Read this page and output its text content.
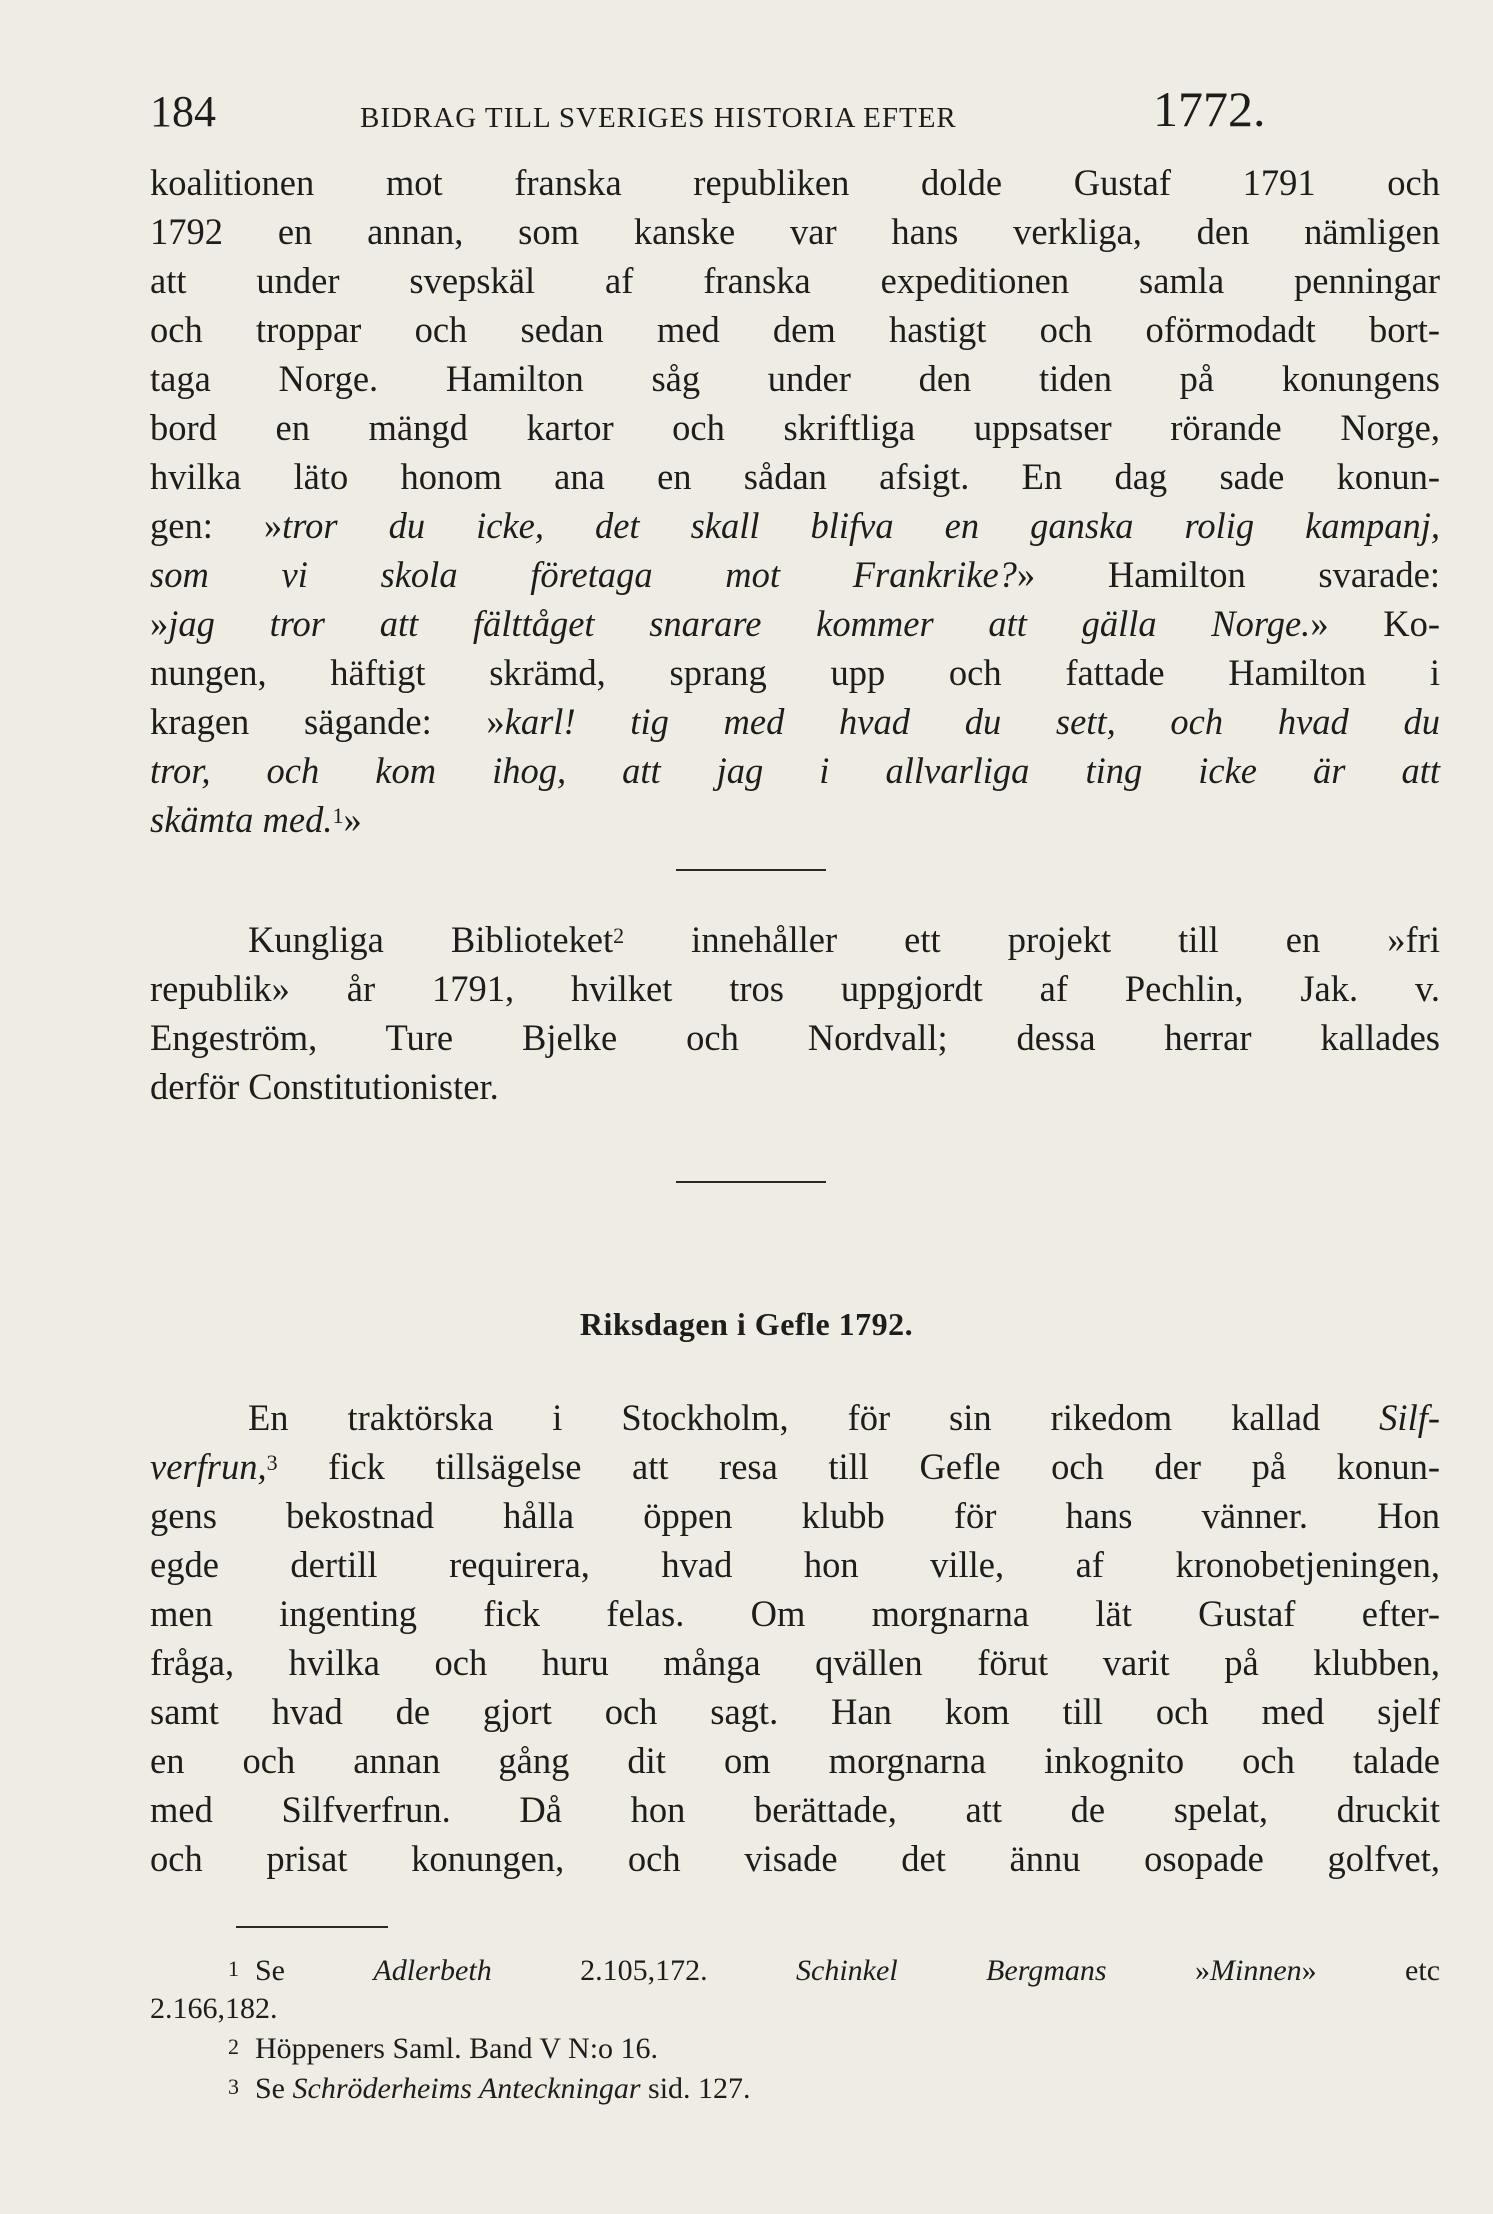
184	BIDRAG TILL SVERIGES HISTORIA EFTER	1772.
koalitionen mot franska republiken dolde Gustaf 1791 och
1792 en annan, som kanske var hans verkliga, den nämligen
att under svepskäl af franska expeditionen samla penningar
och troppar och sedan med dem hastigt och oförmodadt bort-
taga Norge. Hamilton såg under den tiden på konungens
bord en mängd kartor och skriftliga uppsatser rörande Norge,
hvilka läto honom ana en sådan afsigt. En dag sade konun-
gen: »tror du icke, det skall blifva en ganska rolig kampanj,
som vi skola företaga mot Frankrike?» Hamilton svarade:
»jag tror att fälttåget snarare kommer att gälla Norge.» Ko-
nungen, häftigt skrämd, sprang upp och fattade Hamilton i
kragen sägande: »karl! tig med hvad du sett, och hvad du
tror, och kom ihog, att jag i allvarliga ting icke är att
skämta med.$^1$»
Kungliga Biblioteket$^2$ innehåller ett projekt till en »fri
republik» år 1791, hvilket tros uppgjordt af Pechlin, Jak. v.
Engeström, Ture Bjelke och Nordvall; dessa herrar kallades
derför Constitutionister.
Riksdagen i Gefle 1792.
En traktörska i Stockholm, för sin rikedom kallad Silf-
verfrun,$^3$ fick tillsägelse att resa till Gefle och der på konun-
gens bekostnad hålla öppen klubb för hans vänner. Hon
egde dertill requirera, hvad hon ville, af kronobetjeningen,
men ingenting fick felas. Om morgnarna lät Gustaf efter-
fråga, hvilka och huru många qvällen förut varit på klubben,
samt hvad de gjort och sagt. Han kom till och med sjelf
en och annan gång dit om morgnarna inkognito och talade
med Silfverfrun. Då hon berättade, att de spelat, druckit
och prisat konungen, och visade det ännu osopade golfvet,
$^1$ Se Adlerbeth 2.105,172. Schinkel Bergmans »Minnen» etc
2.166,182.
$^2$ Höppeners Saml. Band V N:o 16.
$^3$ Se Schröderheims Anteckningar sid. 127.
